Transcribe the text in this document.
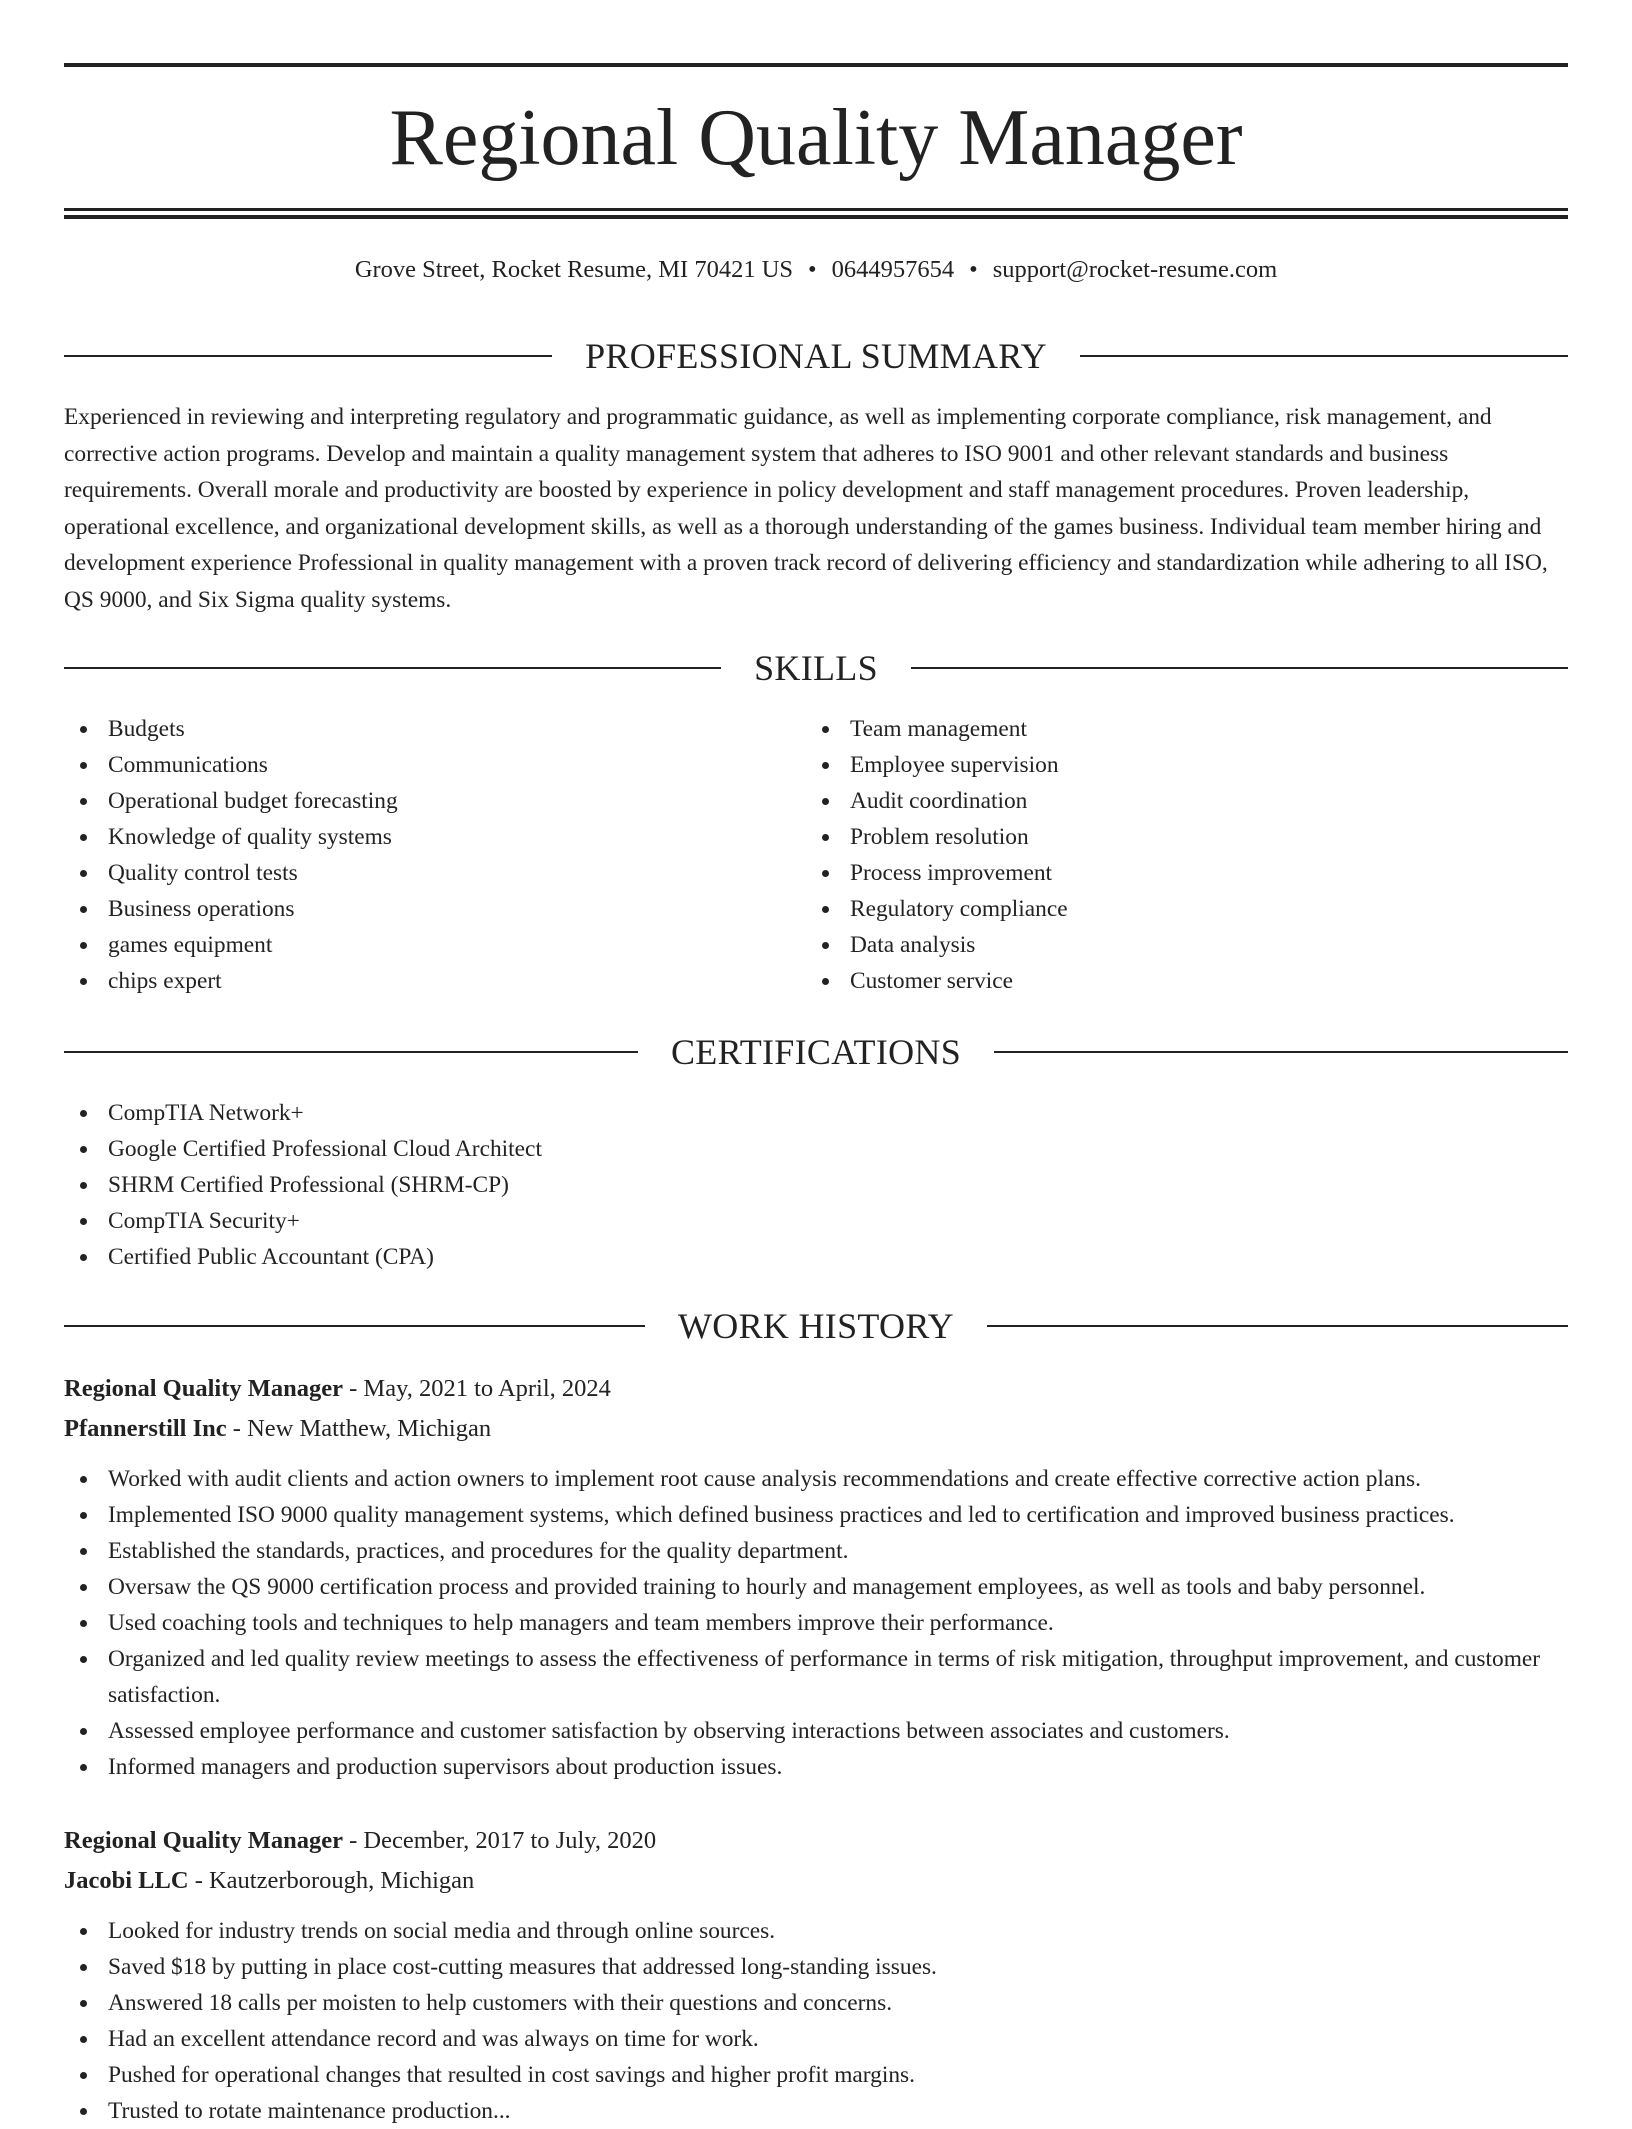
Regional Quality Manager
Grove Street, Rocket Resume, MI 70421 US • 0644957654 • support@rocket-resume.com
PROFESSIONAL SUMMARY

Experienced in reviewing and interpreting regulatory and programmatic guidance, as well as implementing corporate compliance, risk management, and corrective action programs. Develop and maintain a quality management system that adheres to ISO 9001 and other relevant standards and business requirements. Overall morale and productivity are boosted by experience in policy development and staff management procedures. Proven leadership, operational excellence, and organizational development skills, as well as a thorough understanding of the games business. Individual team member hiring and development experience Professional in quality management with a proven track record of delivering efficiency and standardization while adhering to all ISO, QS 9000, and Six Sigma quality systems.

SKILLS
Budgets
Communications
Operational budget forecasting
Knowledge of quality systems
Quality control tests
Business operations
games equipment
chips expert
Team management
Employee supervision
Audit coordination
Problem resolution
Process improvement
Regulatory compliance
Data analysis
Customer service
CERTIFICATIONS
CompTIA Network+
Google Certified Professional Cloud Architect
SHRM Certified Professional (SHRM-CP)
CompTIA Security+
Certified Public Accountant (CPA)
WORK HISTORY
Regional Quality Manager - May, 2021 to April, 2024
Pfannerstill Inc - New Matthew, Michigan
Worked with audit clients and action owners to implement root cause analysis recommendations and create effective corrective action plans.
Implemented ISO 9000 quality management systems, which defined business practices and led to certification and improved business practices.
Established the standards, practices, and procedures for the quality department.
Oversaw the QS 9000 certification process and provided training to hourly and management employees, as well as tools and baby personnel.
Used coaching tools and techniques to help managers and team members improve their performance.
Organized and led quality review meetings to assess the effectiveness of performance in terms of risk mitigation, throughput improvement, and customer satisfaction.
Assessed employee performance and customer satisfaction by observing interactions between associates and customers.
Informed managers and production supervisors about production issues.
Regional Quality Manager - December, 2017 to July, 2020
Jacobi LLC - Kautzerborough, Michigan
Looked for industry trends on social media and through online sources.
Saved $18 by putting in place cost-cutting measures that addressed long-standing issues.
Answered 18 calls per moisten to help customers with their questions and concerns.
Had an excellent attendance record and was always on time for work.
Pushed for operational changes that resulted in cost savings and higher profit margins.
Trusted to rotate maintenance production...
